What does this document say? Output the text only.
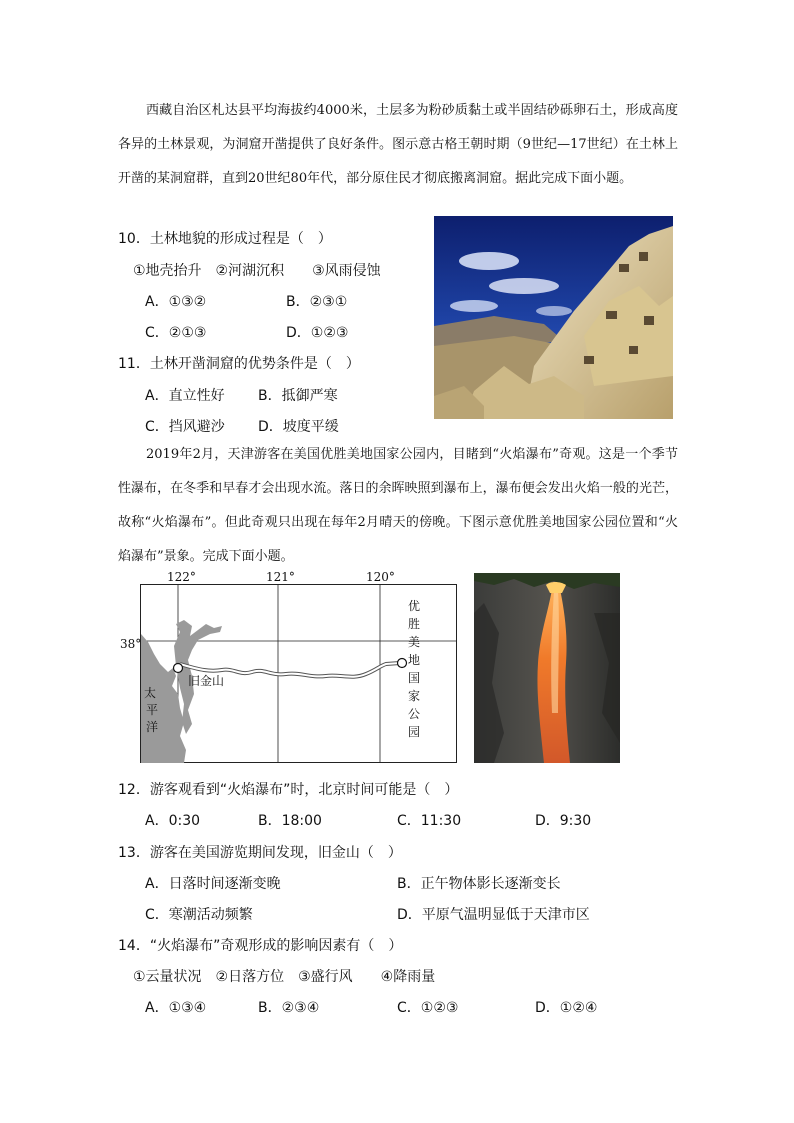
西藏自治区札达县平均海拔约4000米，土层多为粉砂质黏土或半固结砂砾卵石土，形成高度各异的土林景观，为洞窟开凿提供了良好条件。图示意古格王朝时期（9世纪—17世纪）在土林上开凿的某洞窟群，直到20世纪80年代，部分原住民才彻底搬离洞窟。据此完成下面小题。

10．土林地貌的形成过程是（　）
①地壳抬升　②河湖沉积　　③风雨侵蚀
A．①③②	B．②③①
C．②①③	D．①②③
11．土林开凿洞窟的优势条件是（　）
A．直立性好 B．抵御严寒
C．挡风避沙 D．坡度平缓

2019年2月，天津游客在美国优胜美地国家公园内，目睹到“火焰瀑布”奇观。这是一个季节性瀑布，在冬季和早春才会出现水流。落日的余晖映照到瀑布上，瀑布便会发出火焰一般的光芒，故称“火焰瀑布”。但此奇观只出现在每年2月晴天的傍晚。下图示意优胜美地国家公园位置和“火焰瀑布”景象。完成下面小题。

旧金山
太
平
洋
优
胜
美
地
国
家
公
园
38°
122°	121°	120°
12．游客观看到“火焰瀑布”时，北京时间可能是（　）
A．0:30	B．18:00	C．11:30	D．9:30
13．游客在美国游览期间发现，旧金山（　）
A．日落时间逐渐变晚	B．正午物体影长逐渐变长
C．寒潮活动频繁	D．平原气温明显低于天津市区
14．“火焰瀑布”奇观形成的影响因素有（　）
①云量状况　②日落方位　③盛行风　　④降雨量
A．①③④	B．②③④	C．①②③	D．①②④
